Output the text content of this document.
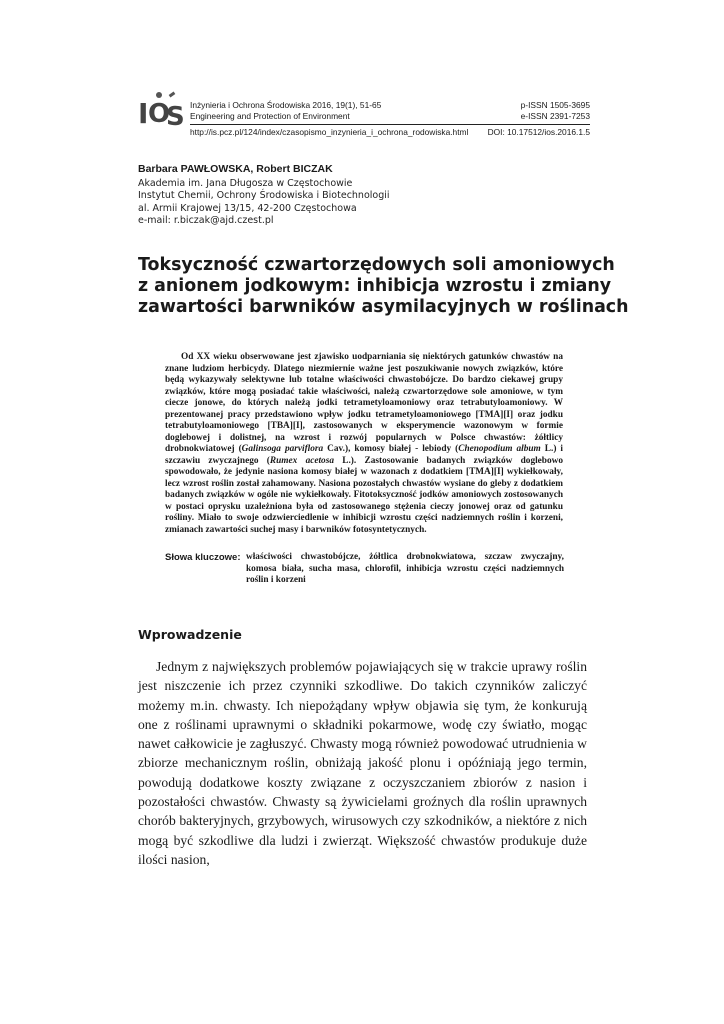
I O
S Inżynieria i Ochrona Środowiska 2016, 19(1), 51-65
Engineering and Protection of Environment
p-ISSN 1505-3695
e-ISSN 2391-7253
http://is.pcz.pl/124/index/czasopismo_inzynieria_i_ochrona_rodowiska.html DOI: 10.17512/ios.2016.1.5
Barbara PAWŁOWSKA, Robert BICZAK
Akademia im. Jana Długosza w Częstochowie
Instytut Chemii, Ochrony Środowiska i Biotechnologii
al. Armii Krajowej 13/15, 42-200 Częstochowa
e-mail: r.biczak@ajd.czest.pl
Toksyczność czwartorzędowych soli amoniowych
z anionem jodkowym: inhibicja wzrostu i zmiany
zawartości barwników asymilacyjnych w roślinach

Od XX wieku obserwowane jest zjawisko uodparniania się niektórych gatunków chwastów na znane ludziom herbicydy. Dlatego niezmiernie ważne jest poszukiwanie nowych związków, które będą wykazywały selektywne lub totalne właściwości chwastobójcze. Do bardzo ciekawej grupy związków, które mogą posiadać takie właściwości, należą czwartorzędowe sole amoniowe, w tym ciecze jonowe, do których należą jodki tetrametyloamoniowy oraz tetrabutyloamoniowy. W prezentowanej pracy przedstawiono wpływ jodku tetrametyloamoniowego [TMA][I] oraz jodku tetrabutyloamoniowego [TBA][I], zastosowanych w eksperymencie wazonowym w formie doglebowej i dolistnej, na wzrost i rozwój popularnych w Polsce chwastów: żółtlicy drobnokwiatowej (Galinsoga parviflora Cav.), komosy białej - lebiody (Chenopodium album L.) i szczawiu zwyczajnego (Rumex acetosa L.). Zastosowanie badanych związków doglebowo spowodowało, że jedynie nasiona komosy białej w wazonach z dodatkiem [TMA][I] wykiełkowały, lecz wzrost roślin został zahamowany. Nasiona pozostałych chwastów wysiane do gleby z dodatkiem badanych związków w ogóle nie wykiełkowały. Fitotoksyczność jodków amoniowych zostosowanych w postaci oprysku uzależniona była od zastosowanego stężenia cieczy jonowej oraz od gatunku rośliny. Miało to swoje odzwierciedlenie w inhibicji wzrostu części nadziemnych roślin i korzeni, zmianach zawartości suchej masy i barwników fotosyntetycznych.

Słowa kluczowe: właściwości chwastobójcze, żółtlica drobnokwiatowa, szczaw zwyczajny, komosa biała, sucha masa, chlorofil, inhibicja wzrostu części nadziemnych roślin i korzeni
Wprowadzenie

Jednym z największych problemów pojawiających się w trakcie uprawy roślin jest niszczenie ich przez czynniki szkodliwe. Do takich czynników zaliczyć możemy m.in. chwasty. Ich niepożądany wpływ objawia się tym, że konkurują one z roślinami uprawnymi o składniki pokarmowe, wodę czy światło, mogąc nawet całkowicie je zagłuszyć. Chwasty mogą również powodować utrudnienia w zbiorze mechanicznym roślin, obniżają jakość plonu i opóźniają jego termin, powodują dodatkowe koszty związane z oczyszczaniem zbiorów z nasion i pozostałości chwastów. Chwasty są żywicielami groźnych dla roślin uprawnych chorób bakteryjnych, grzybowych, wirusowych czy szkodników, a niektóre z nich mogą być szkodliwe dla ludzi i zwierząt. Większość chwastów produkuje duże ilości nasion,
